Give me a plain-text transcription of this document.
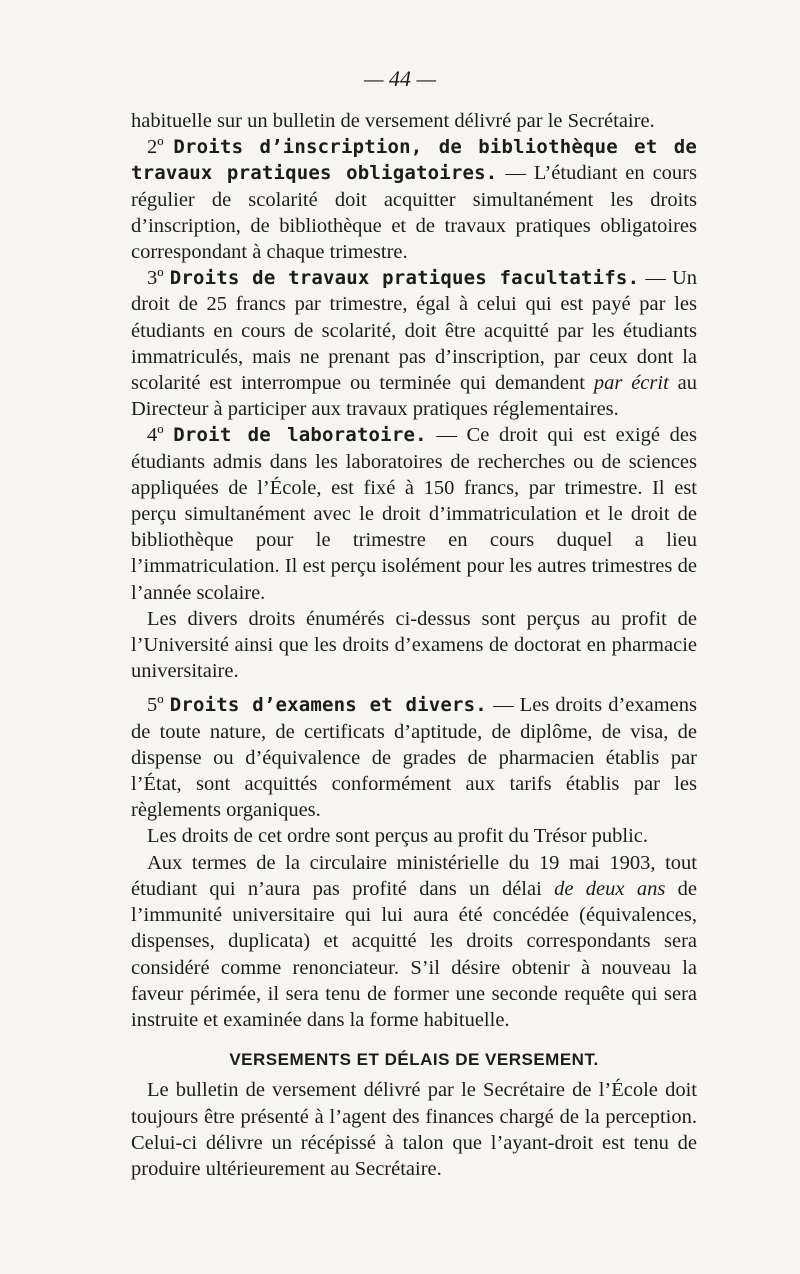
— 44 —

habituelle sur un bulletin de versement délivré par le Secrétaire.

2º Droits d’inscription, de bibliothèque et de travaux pratiques obligatoires. — L’étudiant en cours régulier de scolarité doit acquitter simultanément les droits d’inscription, de bibliothèque et de travaux pratiques obligatoires correspondant à chaque trimestre.

3º Droits de travaux pratiques facultatifs. — Un droit de 25 francs par trimestre, égal à celui qui est payé par les étudiants en cours de scolarité, doit être acquitté par les étudiants immatriculés, mais ne prenant pas d’inscription, par ceux dont la scolarité est interrompue ou terminée qui demandent par écrit au Directeur à participer aux travaux pratiques réglementaires.

4º Droit de laboratoire. — Ce droit qui est exigé des étudiants admis dans les laboratoires de recherches ou de sciences appliquées de l’École, est fixé à 150 francs, par trimestre. Il est perçu simultanément avec le droit d’immatriculation et le droit de bibliothèque pour le trimestre en cours duquel a lieu l’immatriculation. Il est perçu isolément pour les autres trimestres de l’année scolaire.

Les divers droits énumérés ci-dessus sont perçus au profit de l’Université ainsi que les droits d’examens de doctorat en pharmacie universitaire.

5º Droits d’examens et divers. — Les droits d’examens de toute nature, de certificats d’aptitude, de diplôme, de visa, de dispense ou d’équivalence de grades de pharmacien établis par l’État, sont acquittés conformément aux tarifs établis par les règlements organiques.

Les droits de cet ordre sont perçus au profit du Trésor public.

Aux termes de la circulaire ministérielle du 19 mai 1903, tout étudiant qui n’aura pas profité dans un délai de deux ans de l’immunité universitaire qui lui aura été concédée (équivalences, dispenses, duplicata) et acquitté les droits correspondants sera considéré comme renonciateur. S’il désire obtenir à nouveau la faveur périmée, il sera tenu de former une seconde requête qui sera instruite et examinée dans la forme habituelle.

VERSEMENTS ET DÉLAIS DE VERSEMENT.

Le bulletin de versement délivré par le Secrétaire de l’École doit toujours être présenté à l’agent des finances chargé de la perception. Celui-ci délivre un récépissé à talon que l’ayant-droit est tenu de produire ultérieurement au Secrétaire.
